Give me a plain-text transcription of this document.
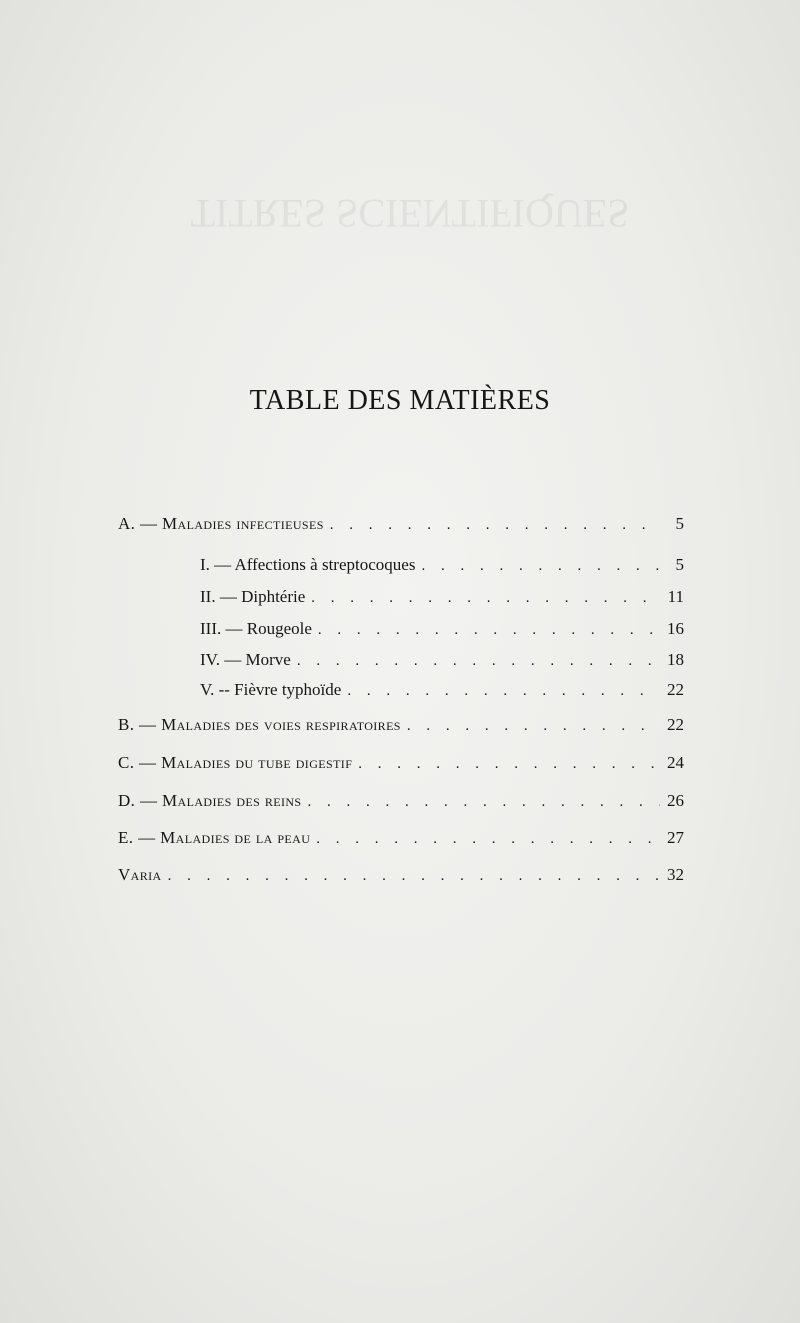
TITRES SCIENTIFIQUES
TABLE DES MATIÈRES
A. — Maladies infectieuses . . .	5
I. — Affections à streptocoques . . .	5
II. — Diphtérie . . .	11
III. — Rougeole . . .	16
IV. — Morve . . .	18
V. -- Fièvre typhoïde . . .	22
B. — Maladies des voies respiratoires . . .	22
C. — Maladies du tube digestif . . .	24
D. — Maladies des reins . . .	26
E. — Maladies de la peau . . .	27
Varia . . .	32
